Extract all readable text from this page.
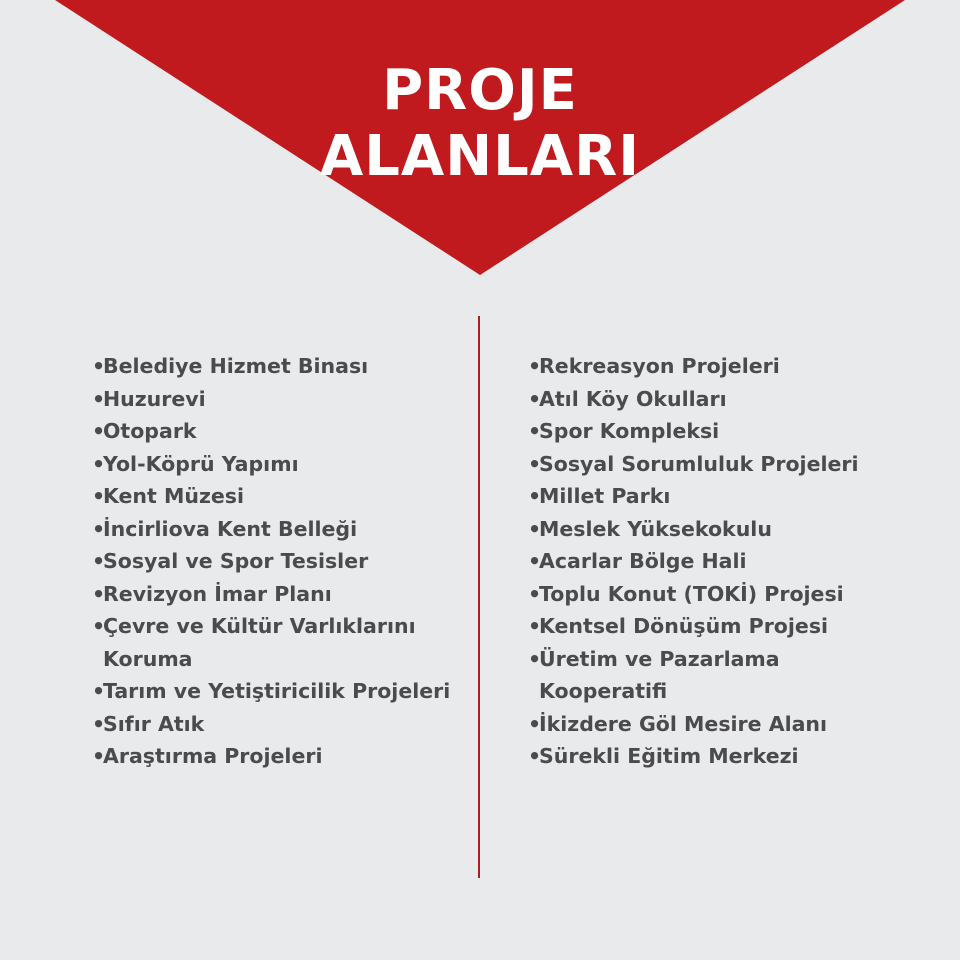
PROJE
ALANLARI
• Belediye Hizmet Binası
• Huzurevi
• Otopark
• Yol-Köprü Yapımı
• Kent Müzesi
• İncirliova Kent Belleği
• Sosyal ve Spor Tesisler
• Revizyon İmar Planı
• Çevre ve Kültür Varlıklarını Koruma
• Tarım ve Yetiştiricilik Projeleri
• Sıfır Atık
• Araştırma Projeleri
• Rekreasyon Projeleri
• Atıl Köy Okulları
• Spor Kompleksi
• Sosyal Sorumluluk Projeleri
• Millet Parkı
• Meslek Yüksekokulu
• Acarlar Bölge Hali
• Toplu Konut (TOKİ) Projesi
• Kentsel Dönüşüm Projesi
• Üretim ve Pazarlama Kooperatifi
• İkizdere Göl Mesire Alanı
• Sürekli Eğitim Merkezi
